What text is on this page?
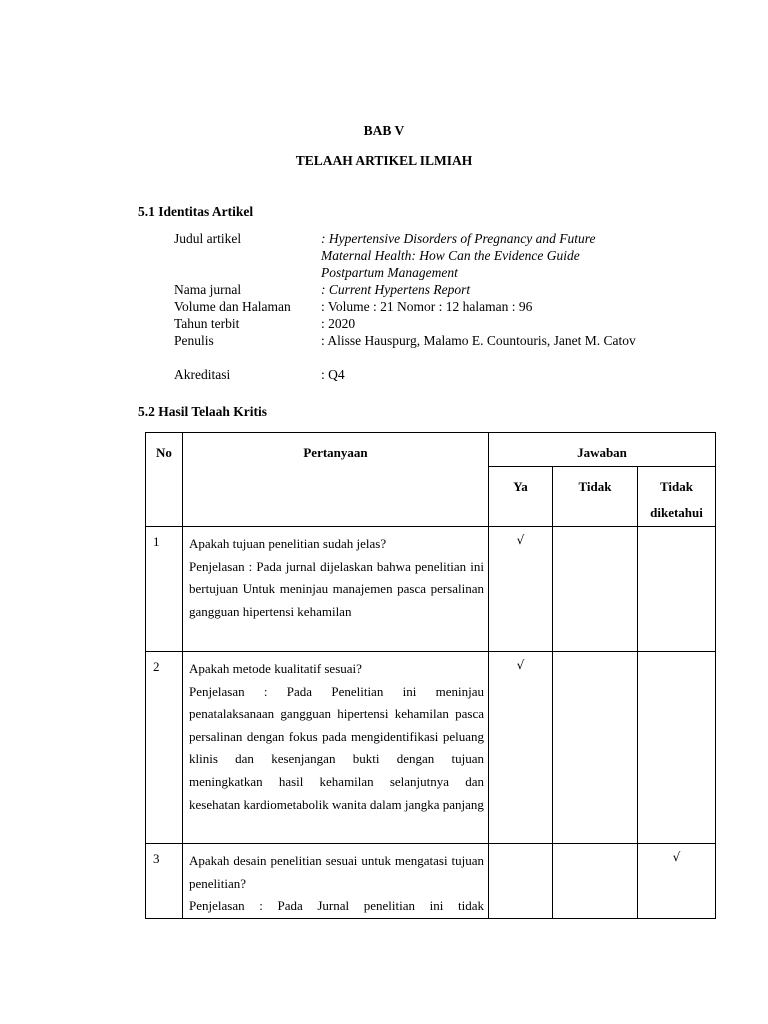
BAB V
TELAAH ARTIKEL ILMIAH
5.1 Identitas Artikel
Judul artikel	: Hypertensive Disorders of Pregnancy and Future Maternal Health: How Can the Evidence Guide Postpartum Management
Nama jurnal	: Current Hypertens Report
Volume dan Halaman	: Volume : 21 Nomor : 12 halaman : 96
Tahun terbit	: 2020
Penulis	: Alisse Hauspurg, Malamo E. Countouris, Janet M. Catov
Akreditasi	: Q4
5.2 Hasil Telaah Kritis
No	Pertanyaan	Jawaban		

		Ya	Tidak	Tidak diketahui

1	Apakah tujuan penelitian sudah jelas?
Penjelasan : Pada jurnal dijelaskan bahwa penelitian ini bertujuan Untuk meninjau manajemen pasca persalinan gangguan hipertensi kehamilan	√		

2	Apakah metode kualitatif sesuai?
Penjelasan : Pada Penelitian ini meninjau penatalaksanaan gangguan hipertensi kehamilan pasca persalinan dengan fokus pada mengidentifikasi peluang klinis dan kesenjangan bukti dengan tujuan meningkatkan hasil kehamilan selanjutnya dan kesehatan kardiometabolik wanita dalam jangka panjang	√		

3	Apakah desain penelitian sesuai untuk mengatasi tujuan penelitian?
Penjelasan : Pada Jurnal penelitian ini tidak			√
